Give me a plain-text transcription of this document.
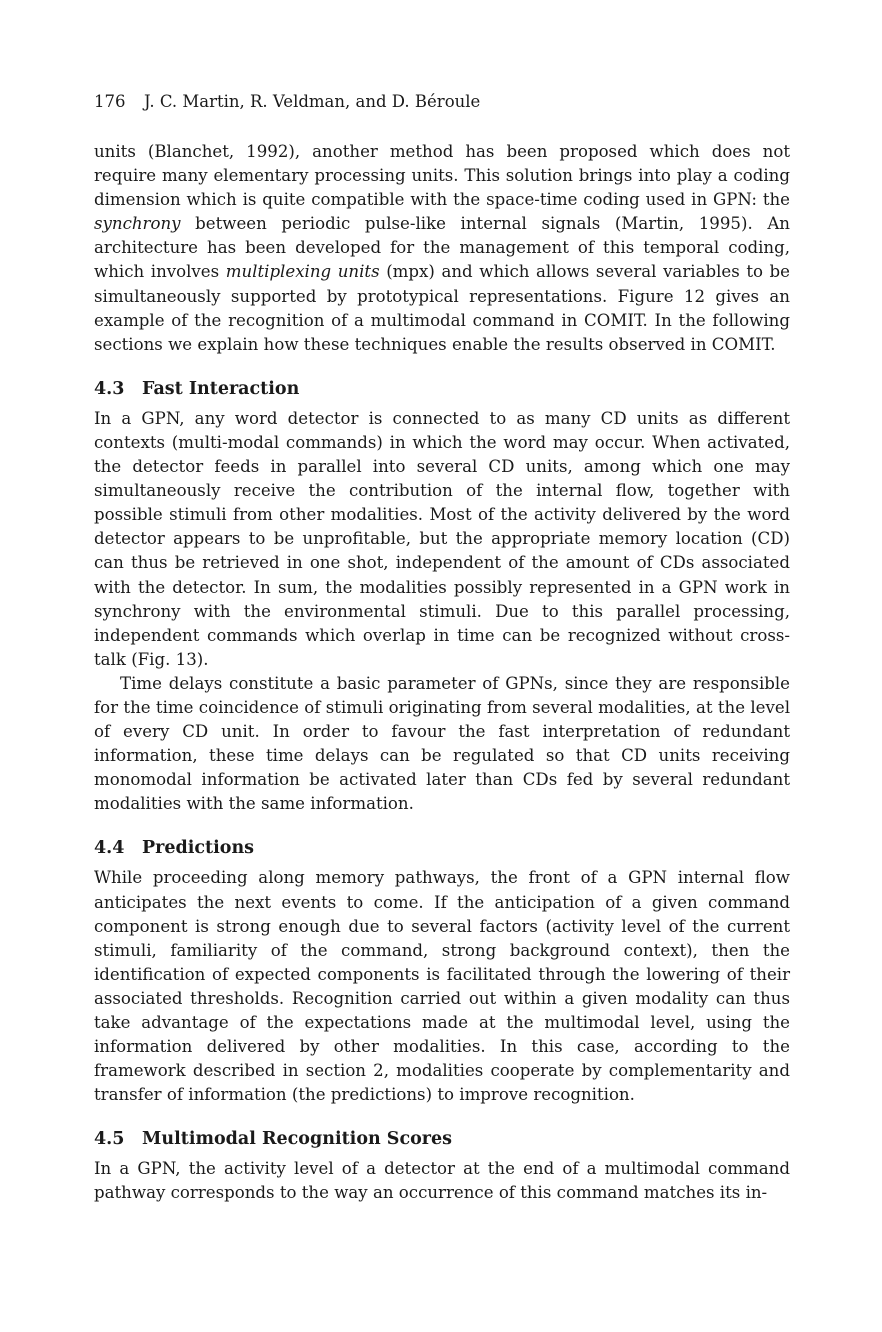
176 J. C. Martin, R. Veldman, and D. Béroule

units (Blanchet, 1992), another method has been proposed which does not require many elementary processing units. This solution brings into play a coding dimension which is quite compatible with the space-time coding used in GPN: the synchrony between periodic pulse-like internal signals (Martin, 1995). An architecture has been developed for the management of this temporal coding, which involves multiplexing units (mpx) and which allows several variables to be simultaneously supported by prototypical representations. Figure 12 gives an example of the recognition of a multimodal command in COMIT. In the following sections we explain how these techniques enable the results observed in COMIT.

4.3 Fast Interaction

In a GPN, any word detector is connected to as many CD units as different contexts (multi-modal commands) in which the word may occur. When activated, the detector feeds in parallel into several CD units, among which one may simultaneously receive the contribution of the internal flow, together with possible stimuli from other modalities. Most of the activity delivered by the word detector appears to be unprofitable, but the appropriate memory location (CD) can thus be retrieved in one shot, independent of the amount of CDs associated with the detector. In sum, the modalities possibly represented in a GPN work in synchrony with the environmental stimuli. Due to this parallel processing, independent commands which overlap in time can be recognized without cross-talk (Fig. 13).

Time delays constitute a basic parameter of GPNs, since they are responsible for the time coincidence of stimuli originating from several modalities, at the level of every CD unit. In order to favour the fast interpretation of redundant information, these time delays can be regulated so that CD units receiving monomodal information be activated later than CDs fed by several redundant modalities with the same information.

4.4 Predictions

While proceeding along memory pathways, the front of a GPN internal flow anticipates the next events to come. If the anticipation of a given command component is strong enough due to several factors (activity level of the current stimuli, familiarity of the command, strong background context), then the identification of expected components is facilitated through the lowering of their associated thresholds. Recognition carried out within a given modality can thus take advantage of the expectations made at the multimodal level, using the information delivered by other modalities. In this case, according to the framework described in section 2, modalities cooperate by complementarity and transfer of information (the predictions) to improve recognition.

4.5 Multimodal Recognition Scores

In a GPN, the activity level of a detector at the end of a multimodal command pathway corresponds to the way an occurrence of this command matches its in-
